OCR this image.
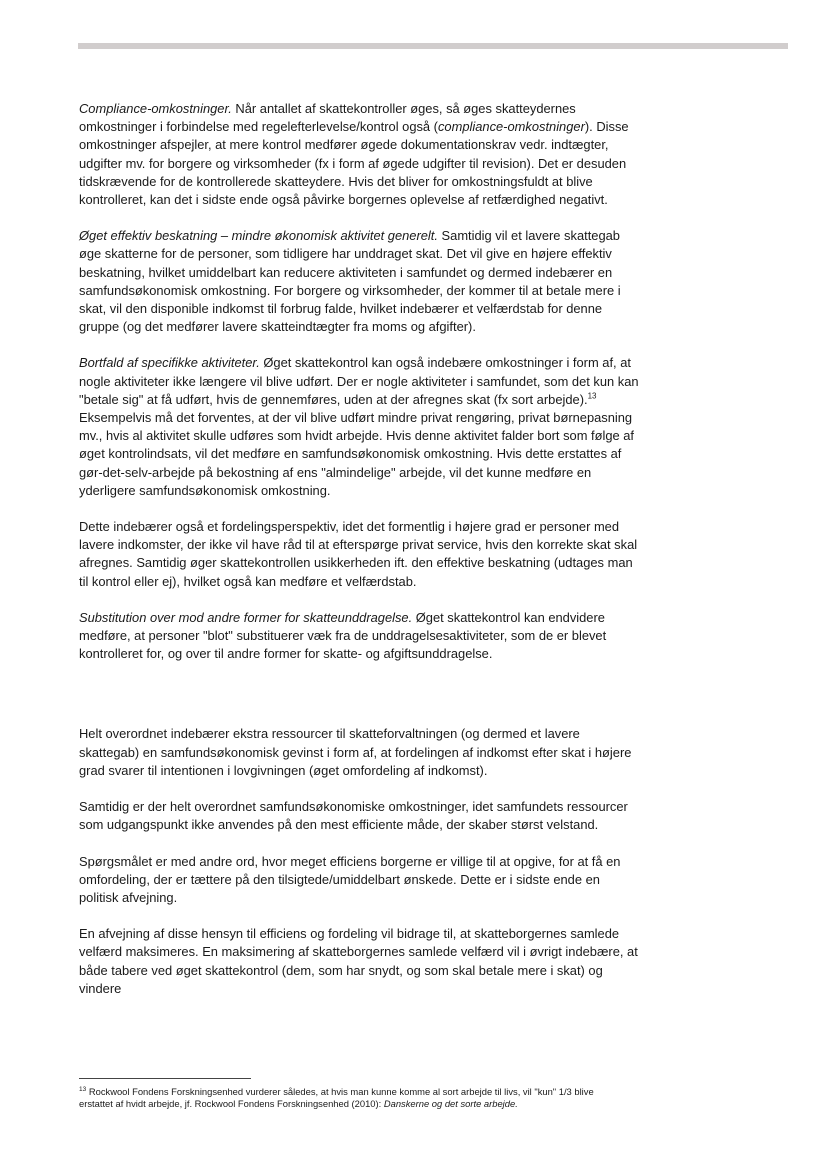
Compliance-omkostninger. Når antallet af skattekontroller øges, så øges skatteydernes omkostninger i forbindelse med regelefterlevelse/kontrol også (compliance-omkostninger). Disse omkostninger afspejler, at mere kontrol medfører øgede dokumentationskrav vedr. indtægter, udgifter mv. for borgere og virksomheder (fx i form af øgede udgifter til revision). Det er desuden tidskrævende for de kontrollerede skatteydere. Hvis det bliver for omkostningsfuldt at blive kontrolleret, kan det i sidste ende også påvirke borgernes oplevelse af retfærdighed negativt.

Øget effektiv beskatning – mindre økonomisk aktivitet generelt. Samtidig vil et lavere skattegab øge skatterne for de personer, som tidligere har unddraget skat. Det vil give en højere effektiv beskatning, hvilket umiddelbart kan reducere aktiviteten i samfundet og dermed indebærer en samfundsøkonomisk omkostning. For borgere og virksomheder, der kommer til at betale mere i skat, vil den disponible indkomst til forbrug falde, hvilket indebærer et velfærdstab for denne gruppe (og det medfører lavere skatteindtægter fra moms og afgifter).

Bortfald af specifikke aktiviteter. Øget skattekontrol kan også indebære omkostninger i form af, at nogle aktiviteter ikke længere vil blive udført. Der er nogle aktiviteter i samfundet, som det kun kan "betale sig" at få udført, hvis de gennemføres, uden at der afregnes skat (fx sort arbejde).$^{13}$ Eksempelvis må det forventes, at der vil blive udført mindre privat rengøring, privat børnepasning mv., hvis al aktivitet skulle udføres som hvidt arbejde. Hvis denne aktivitet falder bort som følge af øget kontrolindsats, vil det medføre en samfundsøkonomisk omkostning. Hvis dette erstattes af gør-det-selv-arbejde på bekostning af ens "almindelige" arbejde, vil det kunne medføre en yderligere samfundsøkonomisk omkostning.

Dette indebærer også et fordelingsperspektiv, idet det formentlig i højere grad er personer med lavere indkomster, der ikke vil have råd til at efterspørge privat service, hvis den korrekte skat skal afregnes. Samtidig øger skattekontrollen usikkerheden ift. den effektive beskatning (udtages man til kontrol eller ej), hvilket også kan medføre et velfærdstab.

Substitution over mod andre former for skatteunddragelse. Øget skattekontrol kan endvidere medføre, at personer "blot" substituerer væk fra de unddragelsesaktiviteter, som de er blevet kontrolleret for, og over til andre former for skatte- og afgiftsunddragelse.

Helt overordnet indebærer ekstra ressourcer til skatteforvaltningen (og dermed et lavere skattegab) en samfundsøkonomisk gevinst i form af, at fordelingen af indkomst efter skat i højere grad svarer til intentionen i lovgivningen (øget omfordeling af indkomst).

Samtidig er der helt overordnet samfundsøkonomiske omkostninger, idet samfundets ressourcer som udgangspunkt ikke anvendes på den mest efficiente måde, der skaber størst velstand.

Spørgsmålet er med andre ord, hvor meget efficiens borgerne er villige til at opgive, for at få en omfordeling, der er tættere på den tilsigtede/umiddelbart ønskede. Dette er i sidste ende en politisk afvejning.

En afvejning af disse hensyn til efficiens og fordeling vil bidrage til, at skatteborgernes samlede velfærd maksimeres. En maksimering af skatteborgernes samlede velfærd vil i øvrigt indebære, at både tabere ved øget skattekontrol (dem, som har snydt, og som skal betale mere i skat) og vindere

$^{13}$ Rockwool Fondens Forskningsenhed vurderer således, at hvis man kunne komme al sort arbejde til livs, vil "kun" 1/3 blive erstattet af hvidt arbejde, jf. Rockwool Fondens Forskningsenhed (2010): Danskerne og det sorte arbejde.
